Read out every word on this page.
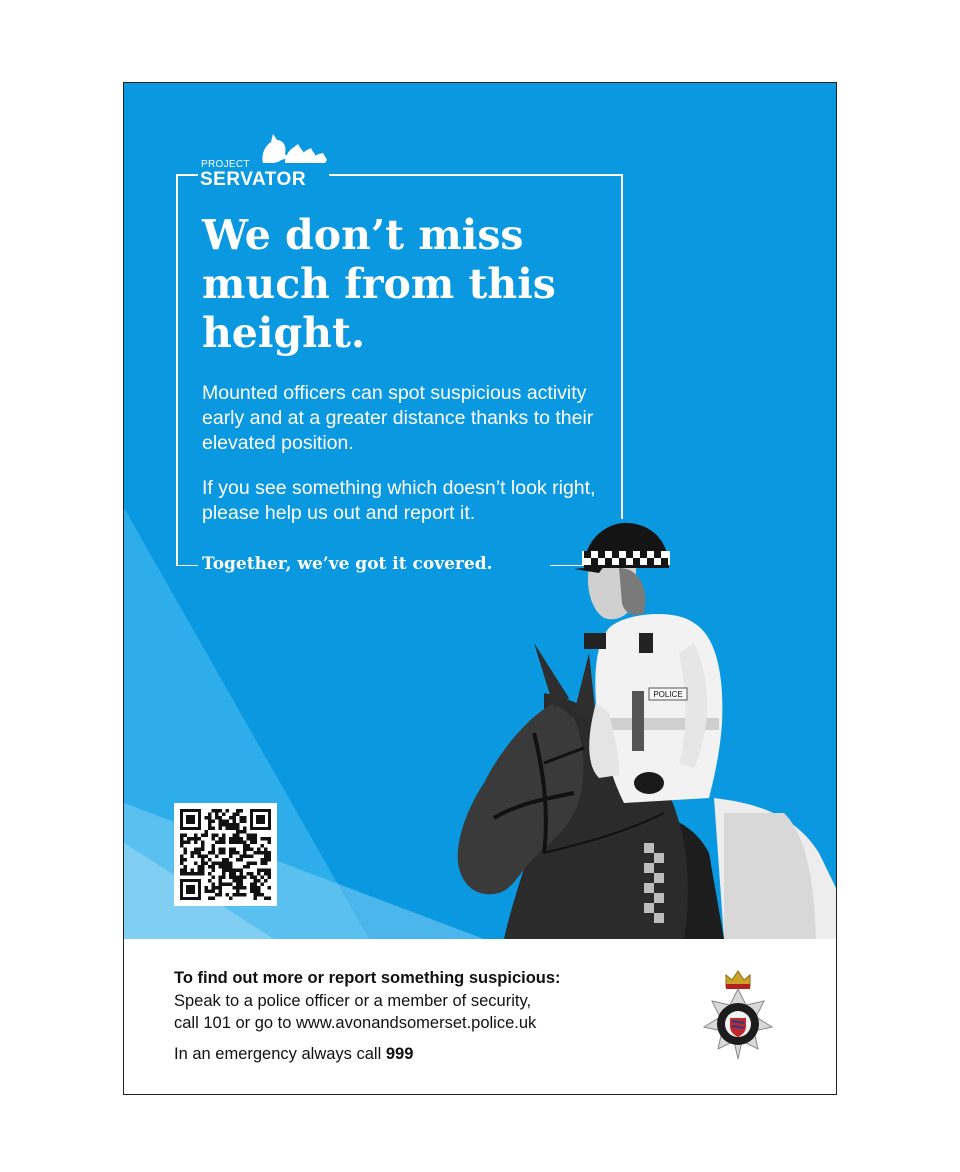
PROJECT
SERVATOR
We don’t miss much from this height.

Mounted officers can spot suspicious activity early and at a greater distance thanks to their elevated position.

If you see something which doesn’t look right, please help us out and report it.

Together, we’ve got it covered.

POLICE

To find out more or report something suspicious:

Speak to a police officer or a member of security,

call 101 or go to www.avonandsomerset.police.uk

In an emergency always call 999
